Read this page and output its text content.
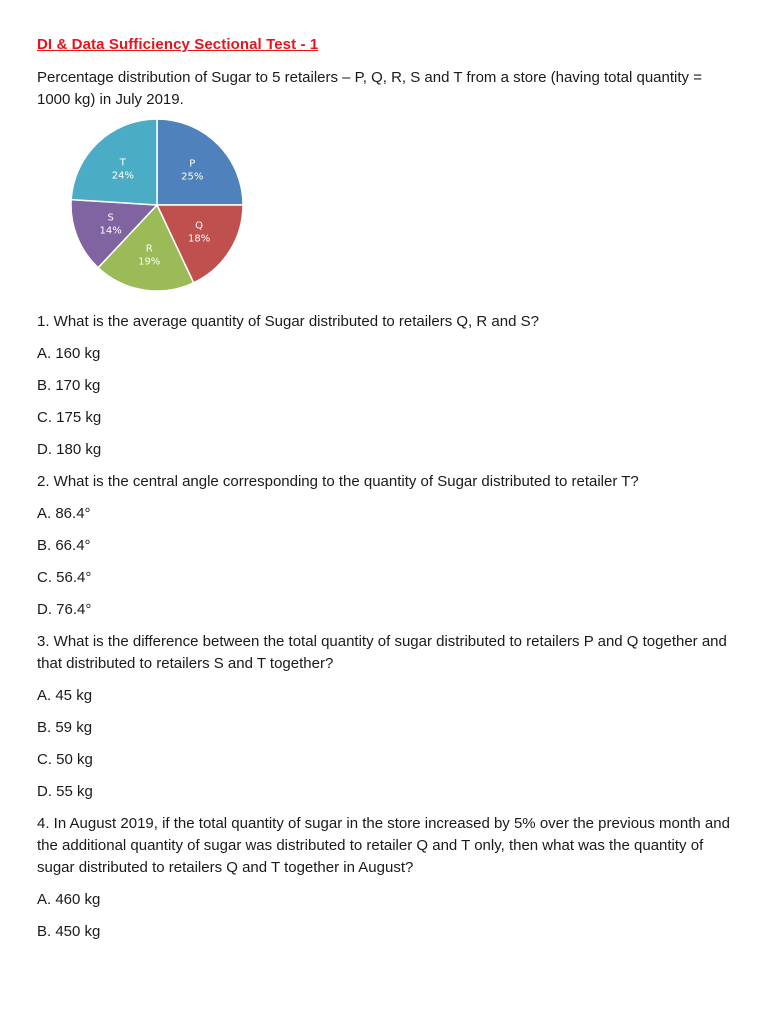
DI & Data Sufficiency Sectional Test - 1
Percentage distribution of Sugar to 5 retailers – P, Q, R, S and T from a store (having total quantity = 1000 kg) in July 2019.
P
25%
Q
18%
R
19%
S
14%
T
24%
1. What is the average quantity of Sugar distributed to retailers Q, R and S?
A. 160 kg
B. 170 kg
C. 175 kg
D. 180 kg
2. What is the central angle corresponding to the quantity of Sugar distributed to retailer T?
A. 86.4°
B. 66.4°
C. 56.4°
D. 76.4°
3. What is the difference between the total quantity of sugar distributed to retailers P and Q together and that distributed to retailers S and T together?
A. 45 kg
B. 59 kg
C. 50 kg
D. 55 kg
4. In August 2019, if the total quantity of sugar in the store increased by 5% over the previous month and the additional quantity of sugar was distributed to retailer Q and T only, then what was the quantity of sugar distributed to retailers Q and T together in August?
A. 460 kg
B. 450 kg
